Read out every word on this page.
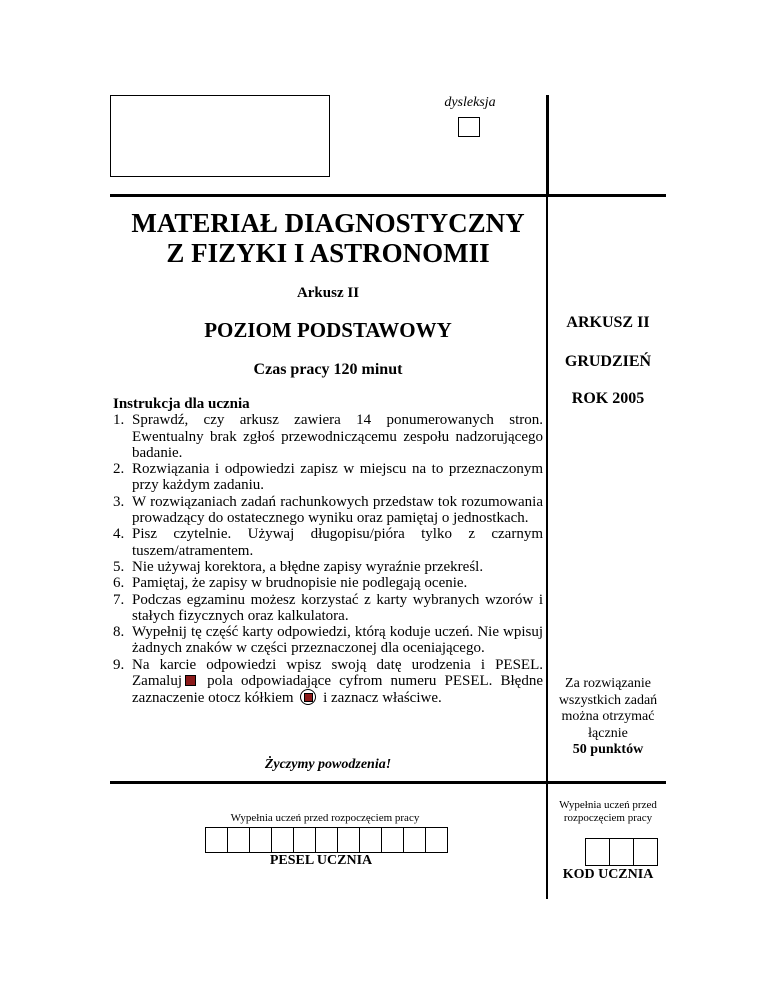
dysleksja
MATERIAŁ DIAGNOSTYCZNY
Z FIZYKI I ASTRONOMII
Arkusz II
POZIOM PODSTAWOWY
Czas pracy 120 minut
Instrukcja dla ucznia
1. Sprawdź, czy arkusz zawiera 14 ponumerowanych stron. Ewentualny brak zgłoś przewodniczącemu zespołu nadzorującego badanie.
2. Rozwiązania i odpowiedzi zapisz w miejscu na to przeznaczonym przy każdym zadaniu.
3. W rozwiązaniach zadań rachunkowych przedstaw tok rozumowania prowadzący do ostatecznego wyniku oraz pamiętaj o jednostkach.
4. Pisz czytelnie. Używaj długopisu/pióra tylko z czarnym tuszem/atramentem.
5. Nie używaj korektora, a błędne zapisy wyraźnie przekreśl.
6. Pamiętaj, że zapisy w brudnopisie nie podlegają ocenie.
7. Podczas egzaminu możesz korzystać z karty wybranych wzorów i stałych fizycznych oraz kalkulatora.
8. Wypełnij tę część karty odpowiedzi, którą koduje uczeń. Nie wpisuj żadnych znaków w części przeznaczonej dla oceniającego.
9. Na karcie odpowiedzi wpisz swoją datę urodzenia i PESEL. Zamaluj pola odpowiadające cyfrom numeru PESEL. Błędne zaznaczenie otocz kółkiem  i zaznacz właściwe.
Życzymy powodzenia!
ARKUSZ II
GRUDZIEŃ
ROK 2005
Za rozwiązanie wszystkich zadań można otrzymać łącznie
50 punktów
Wypełnia uczeń przed rozpoczęciem pracy
PESEL UCZNIA
Wypełnia uczeń przed rozpoczęciem pracy
KOD UCZNIA
